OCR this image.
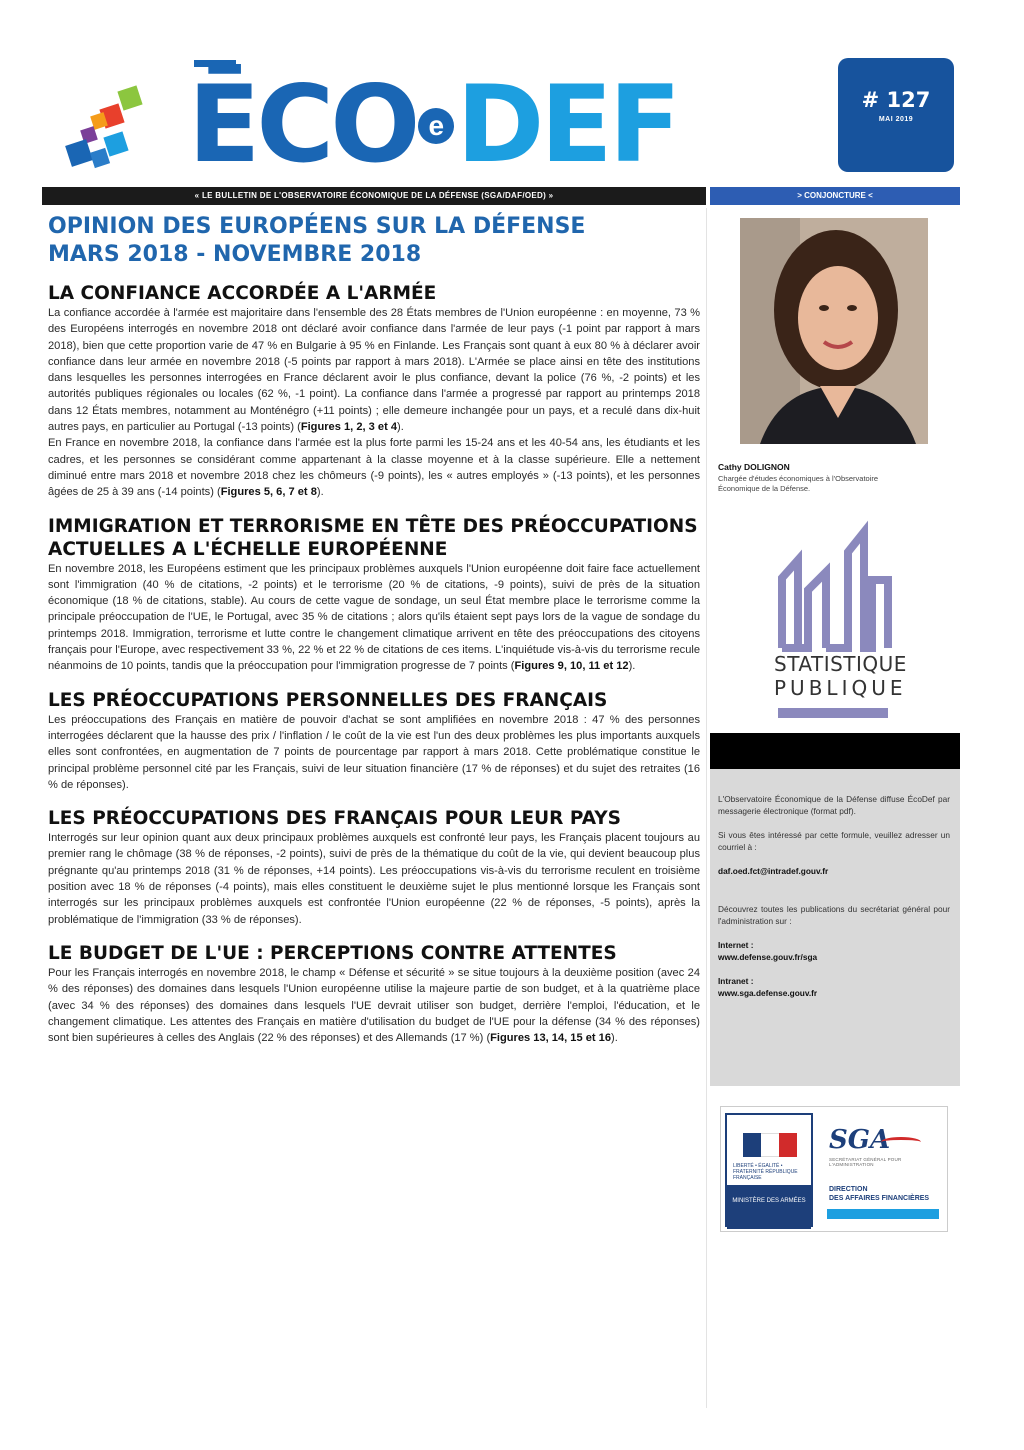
ĒCO e DEF	# 127
MAI 2019
« LE BULLETIN DE L'OBSERVATOIRE ÉCONOMIQUE DE LA DÉFENSE (SGA/DAF/OED) »	> CONJONCTURE <
OPINION DES EUROPÉENS SUR LA DÉFENSE
MARS 2018 - NOVEMBRE 2018
LA CONFIANCE ACCORDÉE A L'ARMÉE

La confiance accordée à l'armée est majoritaire dans l'ensemble des 28 États membres de l'Union européenne : en moyenne, 73 % des Européens interrogés en novembre 2018 ont déclaré avoir confiance dans l'armée de leur pays (-1 point par rapport à mars 2018), bien que cette proportion varie de 47 % en Bulgarie à 95 % en Finlande. Les Français sont quant à eux 80 % à déclarer avoir confiance dans leur armée en novembre 2018 (-5 points par rapport à mars 2018). L'Armée se place ainsi en tête des institutions dans lesquelles les personnes interrogées en France déclarent avoir le plus confiance, devant la police (76 %, -2 points) et les autorités publiques régionales ou locales (62 %, -1 point). La confiance dans l'armée a progressé par rapport au printemps 2018 dans 12 États membres, notamment au Monténégro (+11 points) ; elle demeure inchangée pour un pays, et a reculé dans dix-huit autres pays, en particulier au Portugal (-13 points) (Figures 1, 2, 3 et 4).

En France en novembre 2018, la confiance dans l'armée est la plus forte parmi les 15-24 ans et les 40-54 ans, les étudiants et les cadres, et les personnes se considérant comme appartenant à la classe moyenne et à la classe supérieure. Elle a nettement diminué entre mars 2018 et novembre 2018 chez les chômeurs (-9 points), les « autres employés » (-13 points), et les personnes âgées de 25 à 39 ans (-14 points) (Figures 5, 6, 7 et 8).

IMMIGRATION ET TERRORISME EN TÊTE DES PRÉOCCUPATIONS ACTUELLES A L'ÉCHELLE EUROPÉENNE

En novembre 2018, les Européens estiment que les principaux problèmes auxquels l'Union européenne doit faire face actuellement sont l'immigration (40 % de citations, -2 points) et le terrorisme (20 % de citations, -9 points), suivi de près de la situation économique (18 % de citations, stable). Au cours de cette vague de sondage, un seul État membre place le terrorisme comme la principale préoccupation de l'UE, le Portugal, avec 35 % de citations ; alors qu'ils étaient sept pays lors de la vague de sondage du printemps 2018. Immigration, terrorisme et lutte contre le changement climatique arrivent en tête des préoccupations des citoyens français pour l'Europe, avec respectivement 33 %, 22 % et 22 % de citations de ces items. L'inquiétude vis-à-vis du terrorisme recule néanmoins de 10 points, tandis que la préoccupation pour l'immigration progresse de 7 points (Figures 9, 10, 11 et 12).

LES PRÉOCCUPATIONS PERSONNELLES DES FRANÇAIS

Les préoccupations des Français en matière de pouvoir d'achat se sont amplifiées en novembre 2018 : 47 % des personnes interrogées déclarent que la hausse des prix / l'inflation / le coût de la vie est l'un des deux problèmes les plus importants auxquels elles sont confrontées, en augmentation de 7 points de pourcentage par rapport à mars 2018. Cette problématique constitue le principal problème personnel cité par les Français, suivi de leur situation financière (17 % de réponses) et du sujet des retraites (16 % de réponses).

LES PRÉOCCUPATIONS DES FRANÇAIS POUR LEUR PAYS

Interrogés sur leur opinion quant aux deux principaux problèmes auxquels est confronté leur pays, les Français placent toujours au premier rang le chômage (38 % de réponses, -2 points), suivi de près de la thématique du coût de la vie, qui devient beaucoup plus prégnante qu'au printemps 2018 (31 % de réponses, +14 points). Les préoccupations vis-à-vis du terrorisme reculent en troisième position avec 18 % de réponses (-4 points), mais elles constituent le deuxième sujet le plus mentionné lorsque les Français sont interrogés sur les principaux problèmes auxquels est confrontée l'Union européenne (22 % de réponses, -5 points), après la problématique de l'immigration (33 % de réponses).

LE BUDGET DE L'UE : PERCEPTIONS CONTRE ATTENTES

Pour les Français interrogés en novembre 2018, le champ « Défense et sécurité » se situe toujours à la deuxième position (avec 24 % des réponses) des domaines dans lesquels l'Union européenne utilise la majeure partie de son budget, et à la quatrième place (avec 34 % des réponses) des domaines dans lesquels l'UE devrait utiliser son budget, derrière l'emploi, l'éducation, et le changement climatique. Les attentes des Français en matière d'utilisation du budget de l'UE pour la défense (34 % des réponses) sont bien supérieures à celles des Anglais (22 % des réponses) et des Allemands (17 %) (Figures 13, 14, 15 et 16).

Cathy DOLIGNON
Chargée d'études économiques à l'Observatoire Économique de la Défense.
STATISTIQUE
PUBLIQUE

L'Observatoire Économique de la Défense diffuse ÉcoDef par messagerie électronique (format pdf).

Si vous êtes intéressé par cette formule, veuillez adresser un courriel à :

daf.oed.fct@intradef.gouv.fr

Découvrez toutes les publications du secrétariat général pour l'administration sur :

Internet :

www.defense.gouv.fr/sga

Intranet :

www.sga.defense.gouv.fr

LIBERTÉ • ÉGALITÉ • FRATERNITÉ RÉPUBLIQUE FRANÇAISE
MINISTÈRE DES ARMÉES
SGA
SECRÉTARIAT GÉNÉRAL POUR L'ADMINISTRATION
DIRECTION
DES AFFAIRES FINANCIÈRES
